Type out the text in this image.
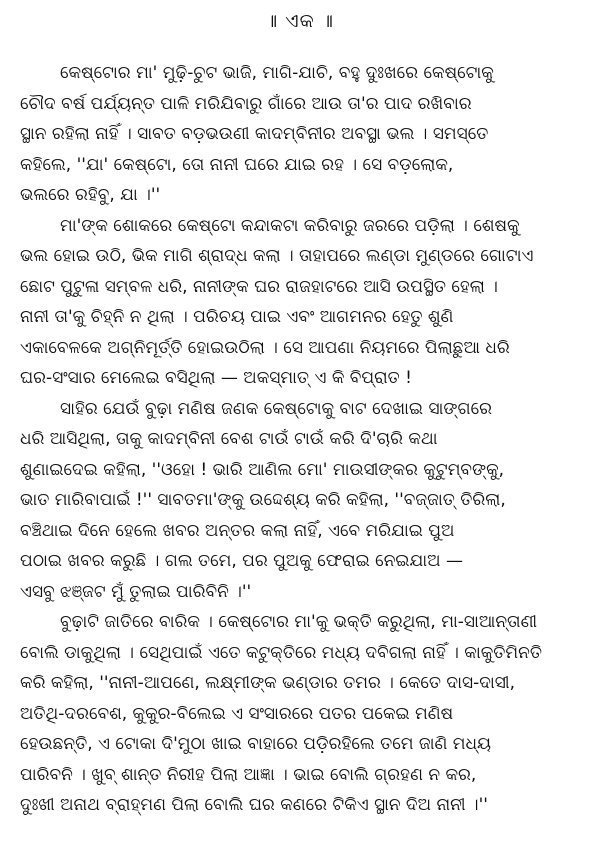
॥ ଏକ ॥

କେଷ୍ଟୋର ମା' ମୁଢ଼ି-ଚୁଟ ଭାଜି, ମାଗି-ଯାଚି, ବହୁ ଦୁଃଖରେ କେଷ୍ଟୋକୁ
ଚୌଦ ବର୍ଷ ପର୍ଯ୍ୟନ୍ତ ପାଳି ମରିଯିବାରୁ ଗାଁରେ ଆଉ ତା'ର ପାଦ ରଖିବାର
ସ୍ଥାନ ରହିଲା ନାହିଁ । ସାବତ ବଡ଼ଭଉଣୀ କାଦମ୍ବିନୀର ଅବସ୍ଥା ଭଲ । ସମସ୍ତେ
କହିଲେ, ''ଯା' କେଷ୍ଟୋ, ତୋ ନାନୀ ଘରେ ଯାଇ ରହ । ସେ ବଡ଼ଲୋକ,
ଭଲରେ ରହିବୁ, ଯା ।''

ମା'ଙ୍କ ଶୋକରେ କେଷ୍ଟୋ କନ୍ଦାକଟା କରିବାରୁ ଜରରେ ପଡ଼ିଲା । ଶେଷକୁ
ଭଲ ହୋଇ ଉଠି, ଭିକ ମାଗି ଶ୍ରାଦ୍ଧ କଲା । ତାହାପରେ ଲଣ୍ଡା ମୁଣ୍ଡରେ ଗୋଟାଏ
ଛୋଟ ପୁଟୁଳା ସମ୍ବଳ ଧରି, ନାନୀଙ୍କ ଘର ରାଜହାଟରେ ଆସି ଉପସ୍ଥିତ ହେଲା ।
ନାନୀ ତା'କୁ ଚିହ୍ନି ନ ଥିଲା । ପରିଚୟ ପାଇ ଏବଂ ଆଗମନର ହେତୁ ଶୁଣି
ଏକାବେଳକେ ଅଗ୍ନିମୂର୍ତ୍ତି ହୋଇଉଠିଲା । ସେ ଆପଣା ନିୟମରେ ପିଲାଛୁଆ ଧରି
ଘର-ସଂସାର ମେଲେଇ ବସିଥିଲା — ଅକସ୍ମାତ୍ ଏ କି ବିପ୍ରାତ !

ସାହିର ଯେଉଁ ବୁଢ଼ା ମଣିଷ ଜଣକ କେଷ୍ଟୋକୁ ବାଟ ଦେଖାଇ ସାଙ୍ଗରେ
ଧରି ଆସିଥିଲା, ତାକୁ କାଦମ୍ବିନୀ ବେଶ ଟାଉଁ ଟାଉଁ କରି ଦି'ଚାରି କଥା
ଶୁଣାଇଦେଇ କହିଲା, ''ଓହୋ ! ଭାରି ଆଣିଲ ମୋ' ମାଉସୀଙ୍କର କୁଟୁମ୍ବଙ୍କୁ,
ଭାତ ମାରିବାପାଇଁ !'' ସାବତମା'ଙ୍କୁ ଉଦ୍ଦେଶ୍ୟ କରି କହିଲା, ''ବଜ୍ଜାତ୍ ତିରିଲା,
ବଞ୍ଚିଥାଇ ଦିନେ ହେଲେ ଖବର ଅନ୍ତର କଲା ନାହିଁ, ଏବେ ମରିଯାଇ ପୁଅ
ପଠାଇ ଖବର କରୁଛି । ଗଲ ତମେ, ପର ପୁଅକୁ ଫେରାଇ ନେଇଯାଅ —
ଏସବୁ ଝଞ୍ଜଟ ମୁଁ ତୁଲାଇ ପାରିବିନି ।''

ବୁଢ଼ାଟି ଜାତିରେ ବାରିକ । କେଷ୍ଟୋର ମା'କୁ ଭକ୍ତି କରୁଥିଲା, ମା-ସାଆନ୍ତାଣୀ
ବୋଲି ଡାକୁଥିଲା । ସେଥିପାଇଁ ଏତେ କଟୁକ୍ତିରେ ମଧ୍ୟ ଦବିଗଲା ନାହିଁ । କାକୁତିମିନତି
କରି କହିଲା, ''ନାନୀ-ଆପଣେ, ଲକ୍ଷ୍ମୀଙ୍କ ଭଣ୍ଡାର ତମର । କେତେ ଦାସ-ଦାସୀ,
ଅତିଥି-ଦରବେଶ, କୁକୁର-ବିଲେଇ ଏ ସଂସାରରେ ପତର ପକେଇ ମଣିଷ
ହେଉଛନ୍ତି, ଏ ଟୋକା ଦି'ମୁଠା ଖାଇ ବାହାରେ ପଡ଼ିରହିଲେ ତମେ ଜାଣି ମଧ୍ୟ
ପାରିବନି । ଖୁବ୍ ଶାନ୍ତ ନିରୀହ ପିଲା ଆଜ୍ଞା । ଭାଇ ବୋଲି ଗ୍ରହଣ ନ କର,
ଦୁଃଖୀ ଅନାଥ ବ୍ରାହ୍ମଣ ପିଲା ବୋଲି ଘର କଣରେ ଟିକିଏ ସ୍ଥାନ ଦିଅ ନାନୀ ।''
